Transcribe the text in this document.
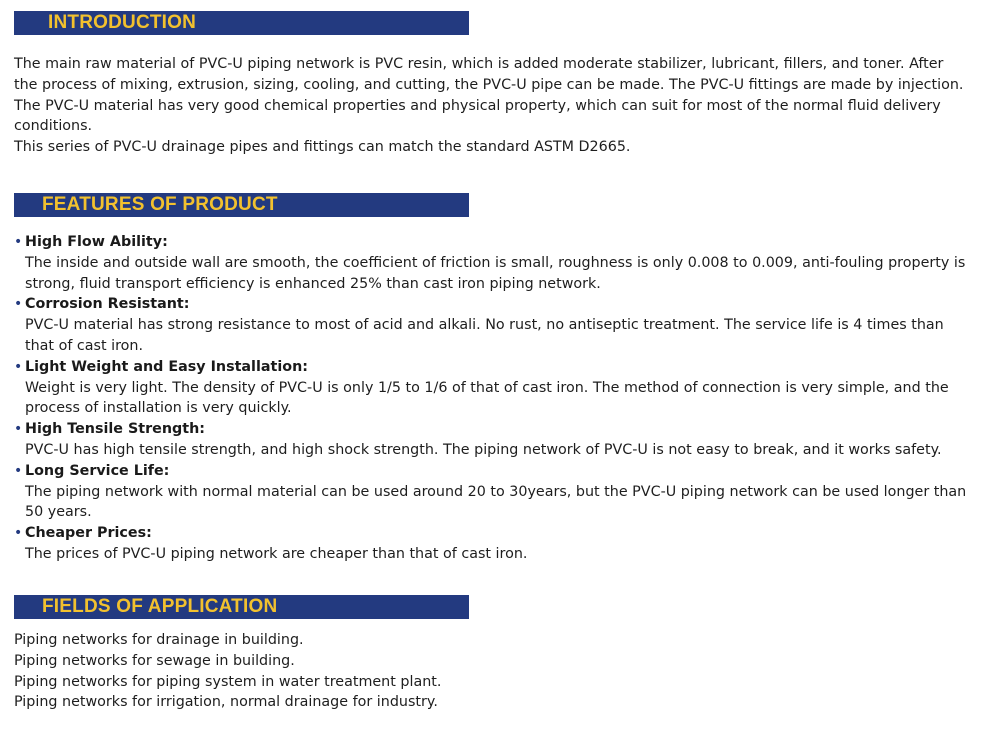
INTRODUCTION
The main raw material of PVC-U piping network is PVC resin, which is added moderate stabilizer, lubricant, fillers, and toner. After the process of mixing, extrusion, sizing, cooling, and cutting, the PVC-U pipe can be made. The PVC-U fittings are made by injection. The PVC-U material has very good chemical properties and physical property, which can suit for most of the normal fluid delivery conditions.
This series of PVC-U drainage pipes and fittings can match the standard ASTM D2665.
FEATURES OF PRODUCT
• High Flow Ability:
The inside and outside wall are smooth, the coefficient of friction is small, roughness is only 0.008 to 0.009, anti-fouling property is strong, fluid transport efficiency is enhanced 25% than cast iron piping network.
• Corrosion Resistant:
PVC-U material has strong resistance to most of acid and alkali. No rust, no antiseptic treatment. The service life is 4 times than that of cast iron.
• Light Weight and Easy Installation:
Weight is very light. The density of PVC-U is only 1/5 to 1/6 of that of cast iron. The method of connection is very simple, and the process of installation is very quickly.
• High Tensile Strength:
PVC-U has high tensile strength, and high shock strength. The piping network of PVC-U is not easy to break, and it works safety.
• Long Service Life:
The piping network with normal material can be used around 20 to 30years, but the PVC-U piping network can be used longer than 50 years.
• Cheaper Prices:
The prices of PVC-U piping network are cheaper than that of cast iron.
FIELDS OF APPLICATION
Piping networks for drainage in building.
Piping networks for sewage in building.
Piping networks for piping system in water treatment plant.
Piping networks for irrigation, normal drainage for industry.
